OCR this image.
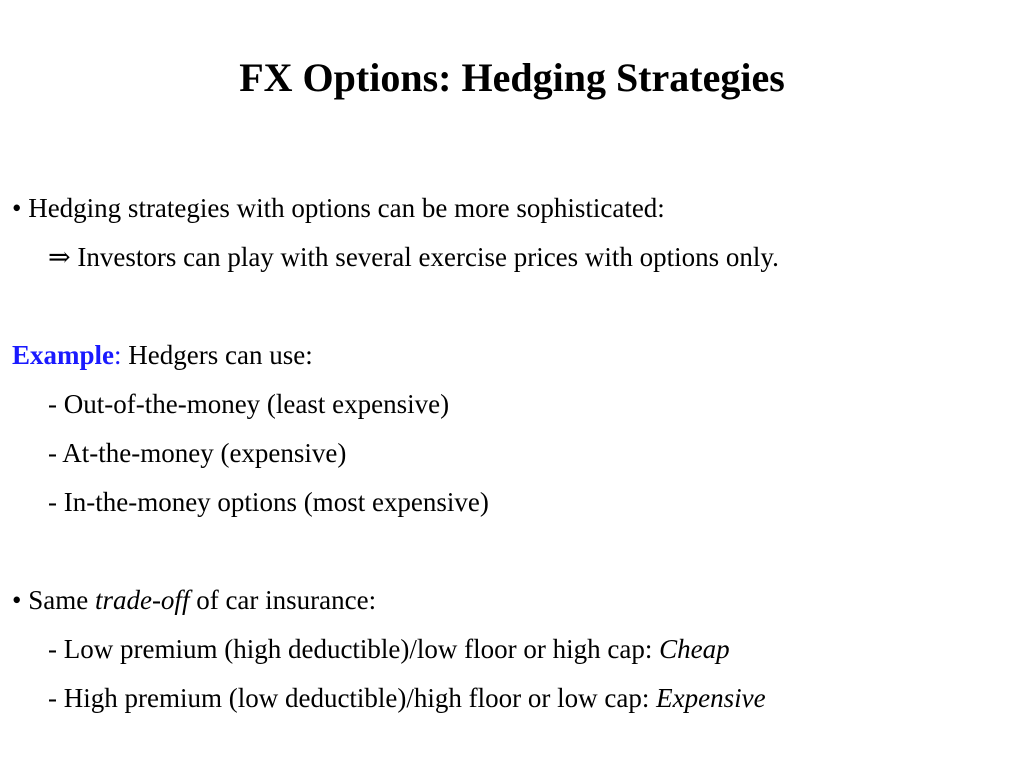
FX Options: Hedging Strategies
• Hedging strategies with options can be more sophisticated:
⇒ Investors can play with several exercise prices with options only.
Example: Hedgers can use:
- Out-of-the-money (least expensive)
- At-the-money (expensive)
- In-the-money options (most expensive)
• Same trade-off of car insurance:
- Low premium (high deductible)/low floor or high cap: Cheap
- High premium (low deductible)/high floor or low cap: Expensive
